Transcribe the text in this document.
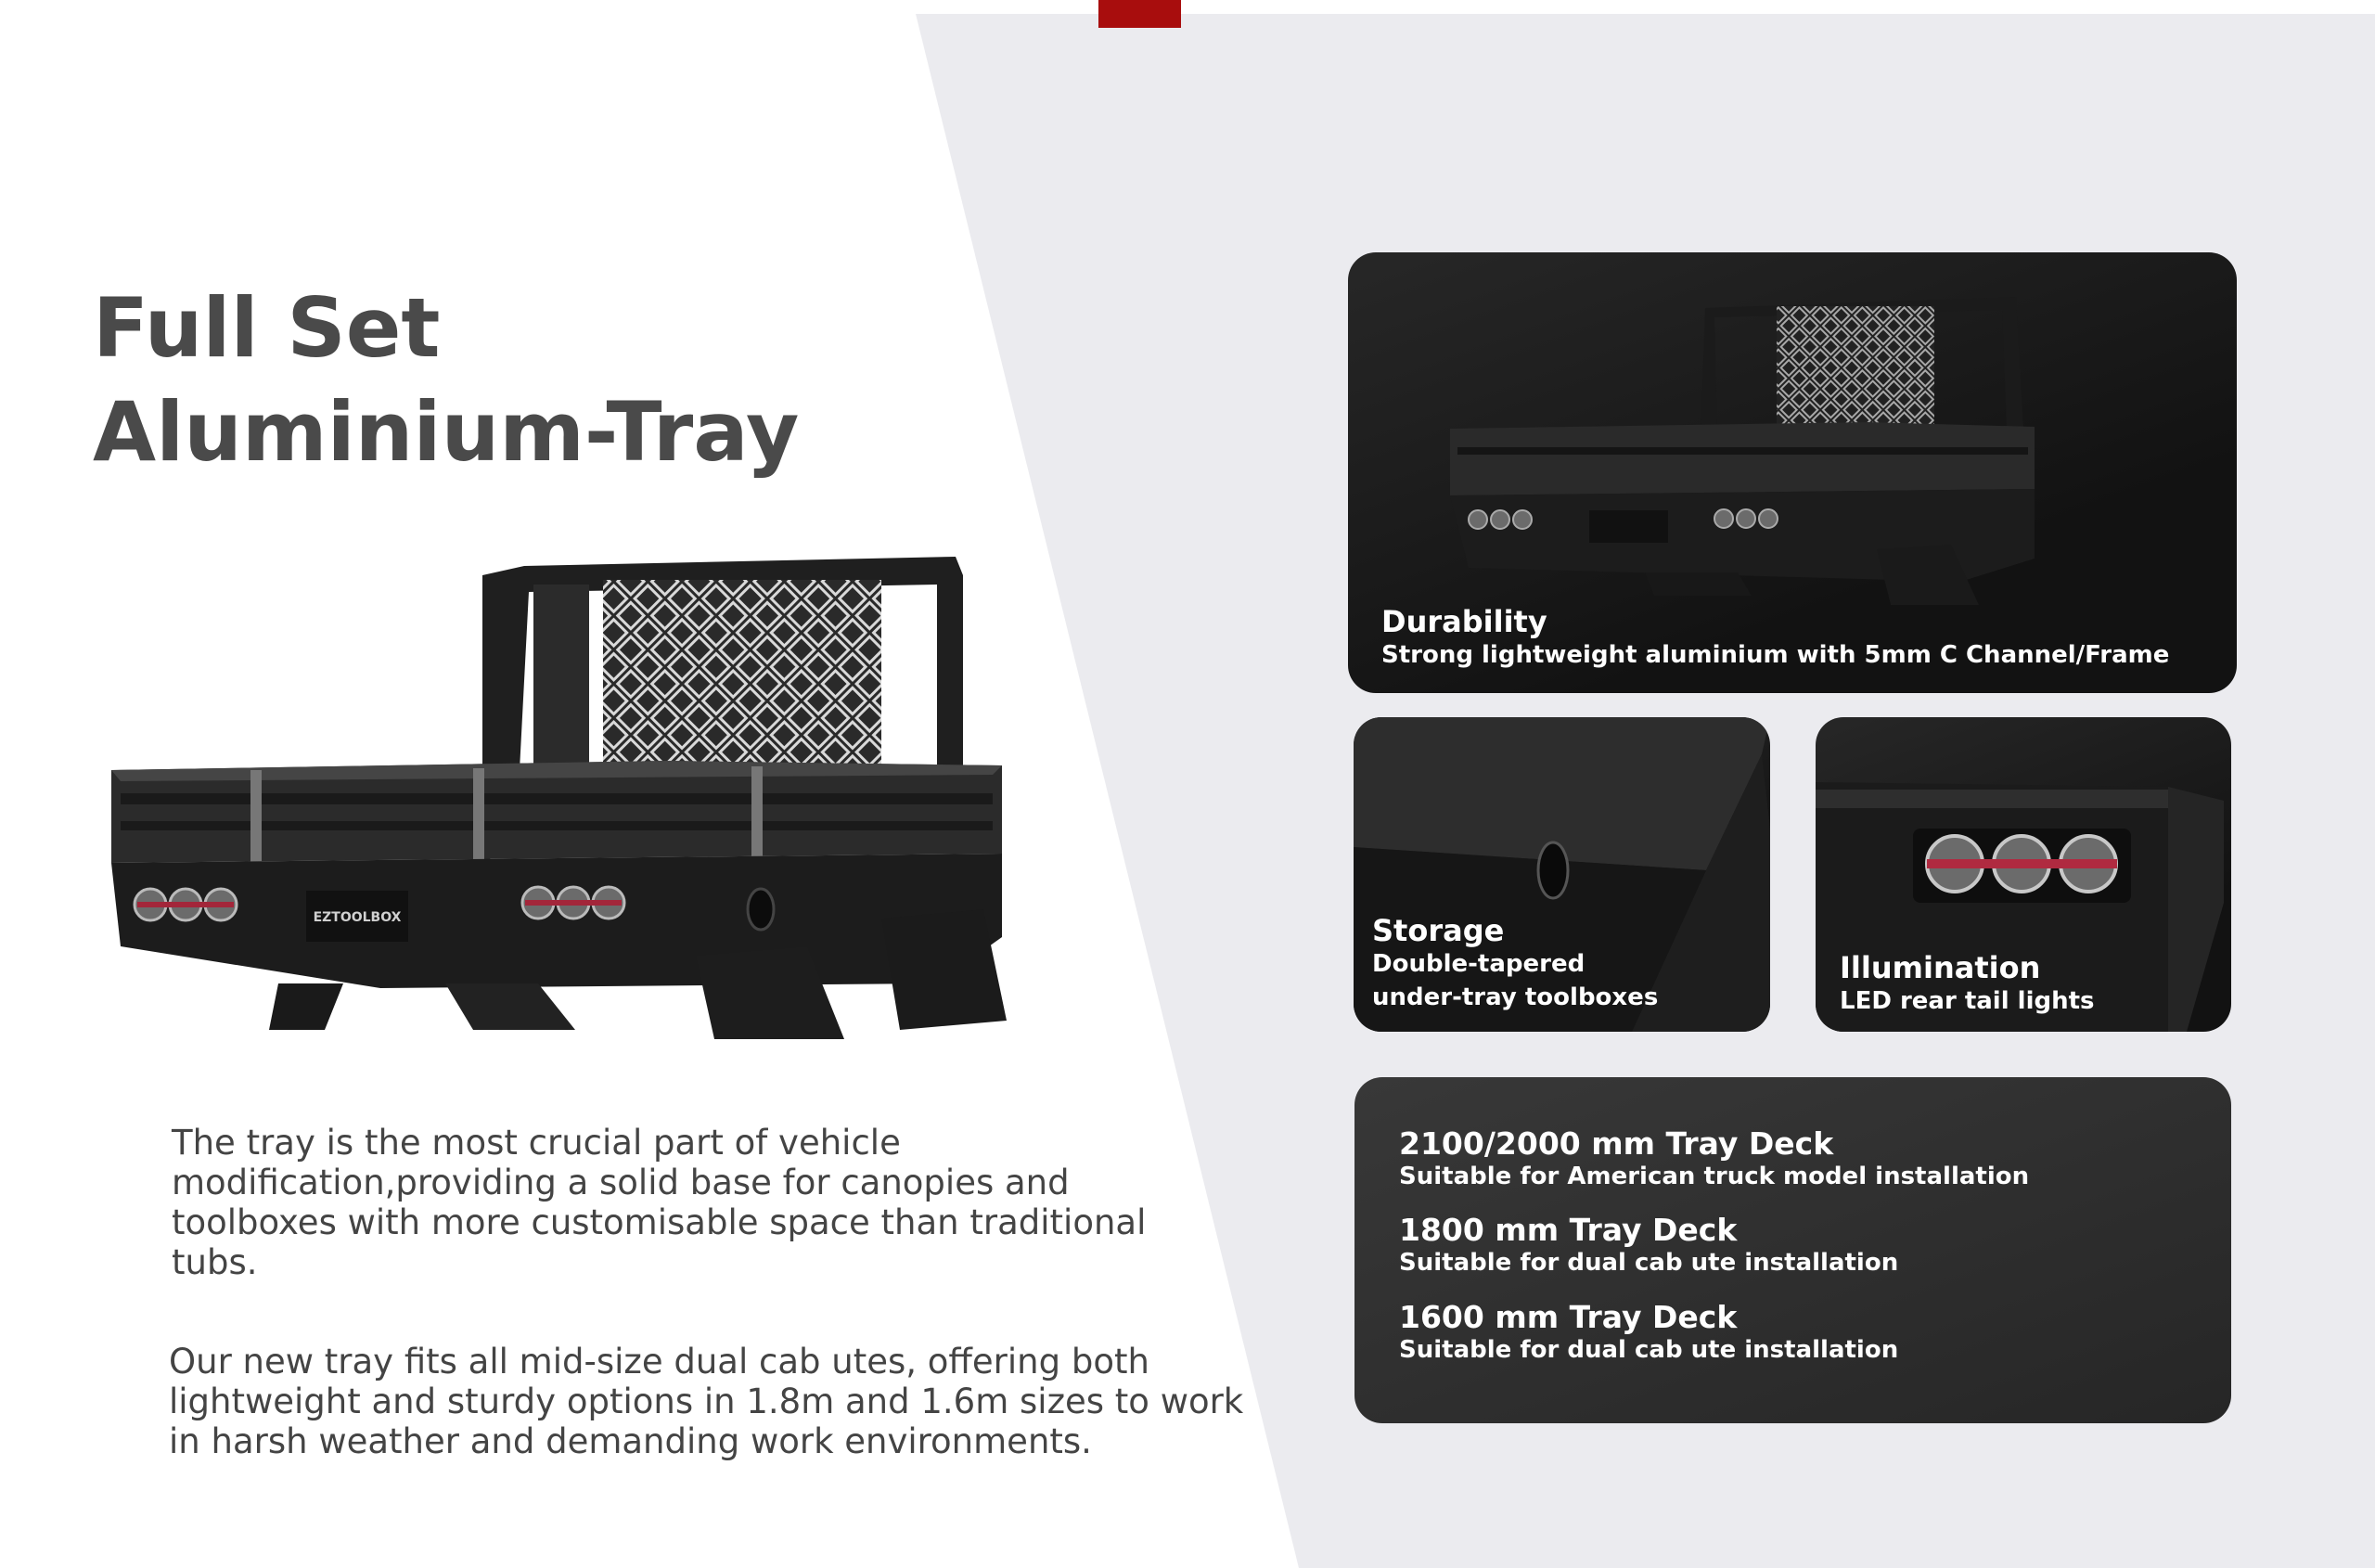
Full Set
Aluminium-Tray
EZTOOLBOX

The tray is the most crucial part of vehicle modification,providing a solid base for canopies and toolboxes with more customisable space than traditional tubs.

Our new tray fits all mid-size dual cab utes, offering both lightweight and sturdy options in 1.8m and 1.6m sizes to work in harsh weather and demanding work environments.

Durability
Strong lightweight aluminium with 5mm C Channel/Frame
Storage
Double-tapered
under-tray toolboxes
Illumination
LED rear tail lights
2100/2000 mm Tray Deck
Suitable for American truck model installation
1800 mm Tray Deck
Suitable for dual cab ute installation
1600 mm Tray Deck
Suitable for dual cab ute installation
